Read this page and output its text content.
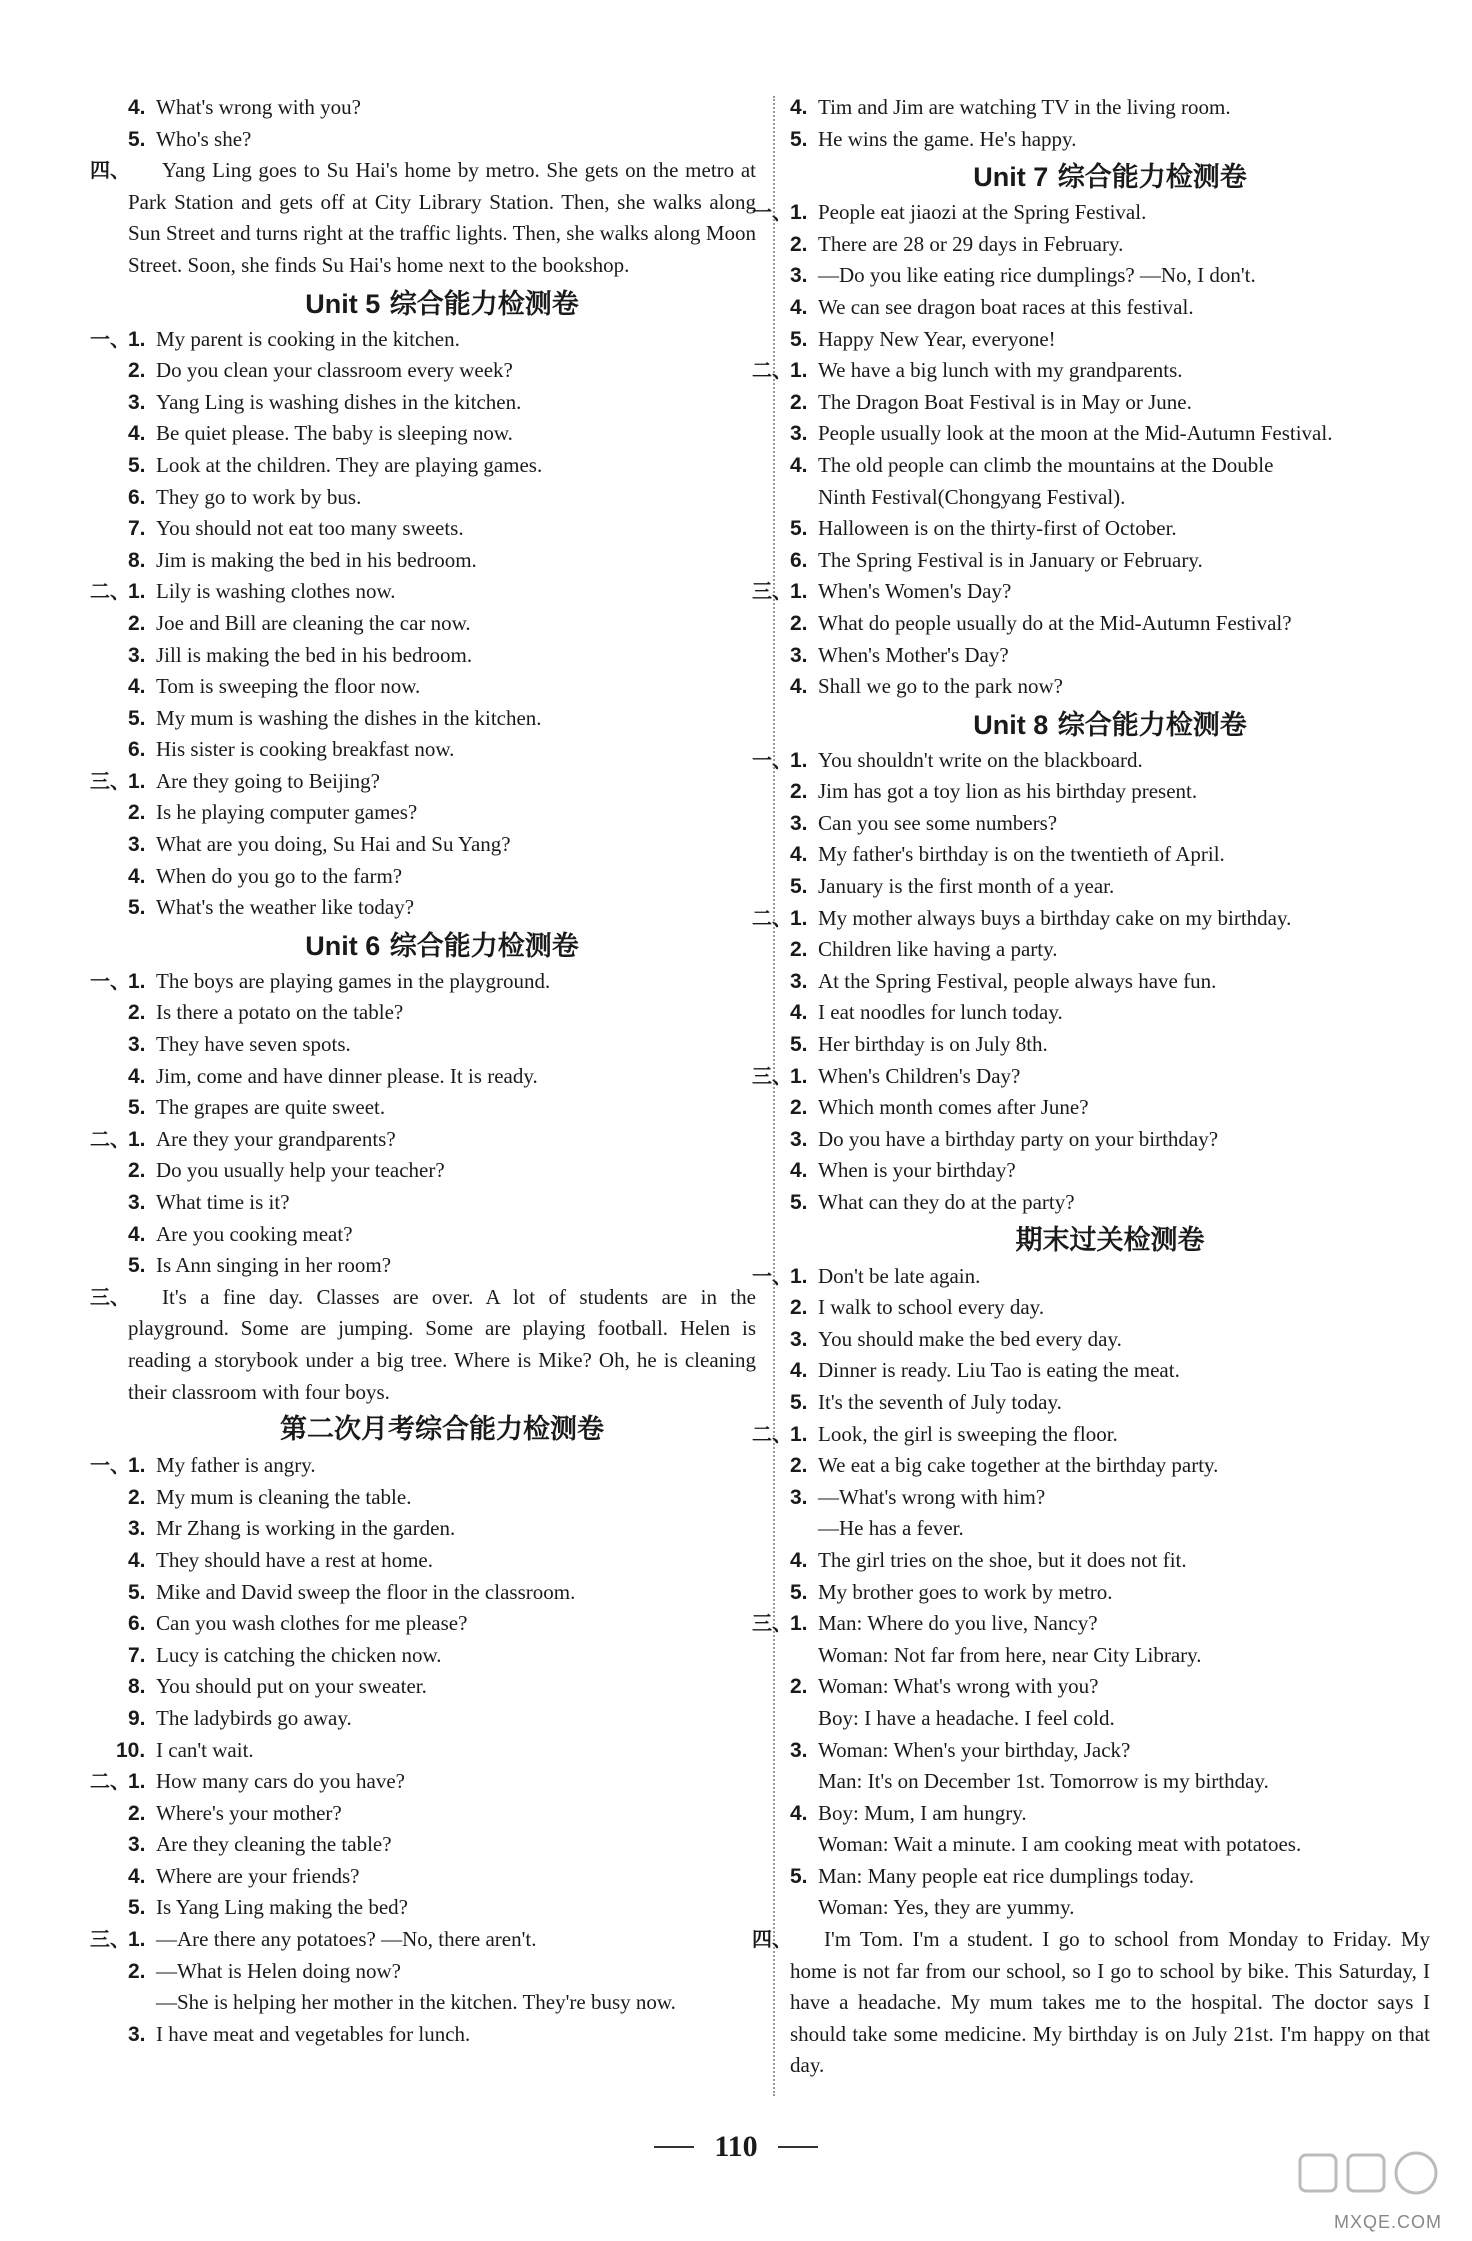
4. What's wrong with you?
5. Who's she?
四、 Yang Ling goes to Su Hai's home by metro. She gets on the metro at Park Station and gets off at City Library Station. Then, she walks along Sun Street and turns right at the traffic lights. Then, she walks along Moon Street. Soon, she finds Su Hai's home next to the bookshop.
Unit 5 综合能力检测卷
一、
1. My parent is cooking in the kitchen.
2. Do you clean your classroom every week?
3. Yang Ling is washing dishes in the kitchen.
4. Be quiet please. The baby is sleeping now.
5. Look at the children. They are playing games.
6. They go to work by bus.
7. You should not eat too many sweets.
8. Jim is making the bed in his bedroom.
二、
1. Lily is washing clothes now.
2. Joe and Bill are cleaning the car now.
3. Jill is making the bed in his bedroom.
4. Tom is sweeping the floor now.
5. My mum is washing the dishes in the kitchen.
6. His sister is cooking breakfast now.
三、
1. Are they going to Beijing?
2. Is he playing computer games?
3. What are you doing, Su Hai and Su Yang?
4. When do you go to the farm?
5. What's the weather like today?
Unit 6 综合能力检测卷
一、
1. The boys are playing games in the playground.
2. Is there a potato on the table?
3. They have seven spots.
4. Jim, come and have dinner please. It is ready.
5. The grapes are quite sweet.
二、
1. Are they your grandparents?
2. Do you usually help your teacher?
3. What time is it?
4. Are you cooking meat?
5. Is Ann singing in her room?
三、 It's a fine day. Classes are over. A lot of students are in the playground. Some are jumping. Some are playing football. Helen is reading a storybook under a big tree. Where is Mike? Oh, he is cleaning their classroom with four boys.
第二次月考综合能力检测卷
一、
1. My father is angry.
2. My mum is cleaning the table.
3. Mr Zhang is working in the garden.
4. They should have a rest at home.
5. Mike and David sweep the floor in the classroom.
6. Can you wash clothes for me please?
7. Lucy is catching the chicken now.
8. You should put on your sweater.
9. The ladybirds go away.
10. I can't wait.
二、
1. How many cars do you have?
2. Where's your mother?
3. Are they cleaning the table?
4. Where are your friends?
5. Is Yang Ling making the bed?
三、
1. —Are there any potatoes? —No, there aren't.
2. —What is Helen doing now?
—She is helping her mother in the kitchen. They're busy now.
3. I have meat and vegetables for lunch.
4. Tim and Jim are watching TV in the living room.
5. He wins the game. He's happy.
Unit 7 综合能力检测卷
一、
1. People eat jiaozi at the Spring Festival.
2. There are 28 or 29 days in February.
3. —Do you like eating rice dumplings? —No, I don't.
4. We can see dragon boat races at this festival.
5. Happy New Year, everyone!
二、
1. We have a big lunch with my grandparents.
2. The Dragon Boat Festival is in May or June.
3. People usually look at the moon at the Mid-Autumn Festival.
4. The old people can climb the mountains at the Double
Ninth Festival(Chongyang Festival).
5. Halloween is on the thirty-first of October.
6. The Spring Festival is in January or February.
三、
1. When's Women's Day?
2. What do people usually do at the Mid-Autumn Festival?
3. When's Mother's Day?
4. Shall we go to the park now?
Unit 8 综合能力检测卷
一、
1. You shouldn't write on the blackboard.
2. Jim has got a toy lion as his birthday present.
3. Can you see some numbers?
4. My father's birthday is on the twentieth of April.
5. January is the first month of a year.
二、
1. My mother always buys a birthday cake on my birthday.
2. Children like having a party.
3. At the Spring Festival, people always have fun.
4. I eat noodles for lunch today.
5. Her birthday is on July 8th.
三、
1. When's Children's Day?
2. Which month comes after June?
3. Do you have a birthday party on your birthday?
4. When is your birthday?
5. What can they do at the party?
期末过关检测卷
一、
1. Don't be late again.
2. I walk to school every day.
3. You should make the bed every day.
4. Dinner is ready. Liu Tao is eating the meat.
5. It's the seventh of July today.
二、
1. Look, the girl is sweeping the floor.
2. We eat a big cake together at the birthday party.
3. —What's wrong with him?
—He has a fever.
4. The girl tries on the shoe, but it does not fit.
5. My brother goes to work by metro.
三、
1. Man: Where do you live, Nancy?
Woman: Not far from here, near City Library.
2. Woman: What's wrong with you?
Boy: I have a headache. I feel cold.
3. Woman: When's your birthday, Jack?
Man: It's on December 1st. Tomorrow is my birthday.
4. Boy: Mum, I am hungry.
Woman: Wait a minute. I am cooking meat with potatoes.
5. Man: Many people eat rice dumplings today.
Woman: Yes, they are yummy.
四、 I'm Tom. I'm a student. I go to school from Monday to Friday. My home is not far from our school, so I go to school by bike. This Saturday, I have a headache. My mum takes me to the hospital. The doctor says I should take some medicine. My birthday is on July 21st. I'm happy on that day.
110
MXQE.COM
